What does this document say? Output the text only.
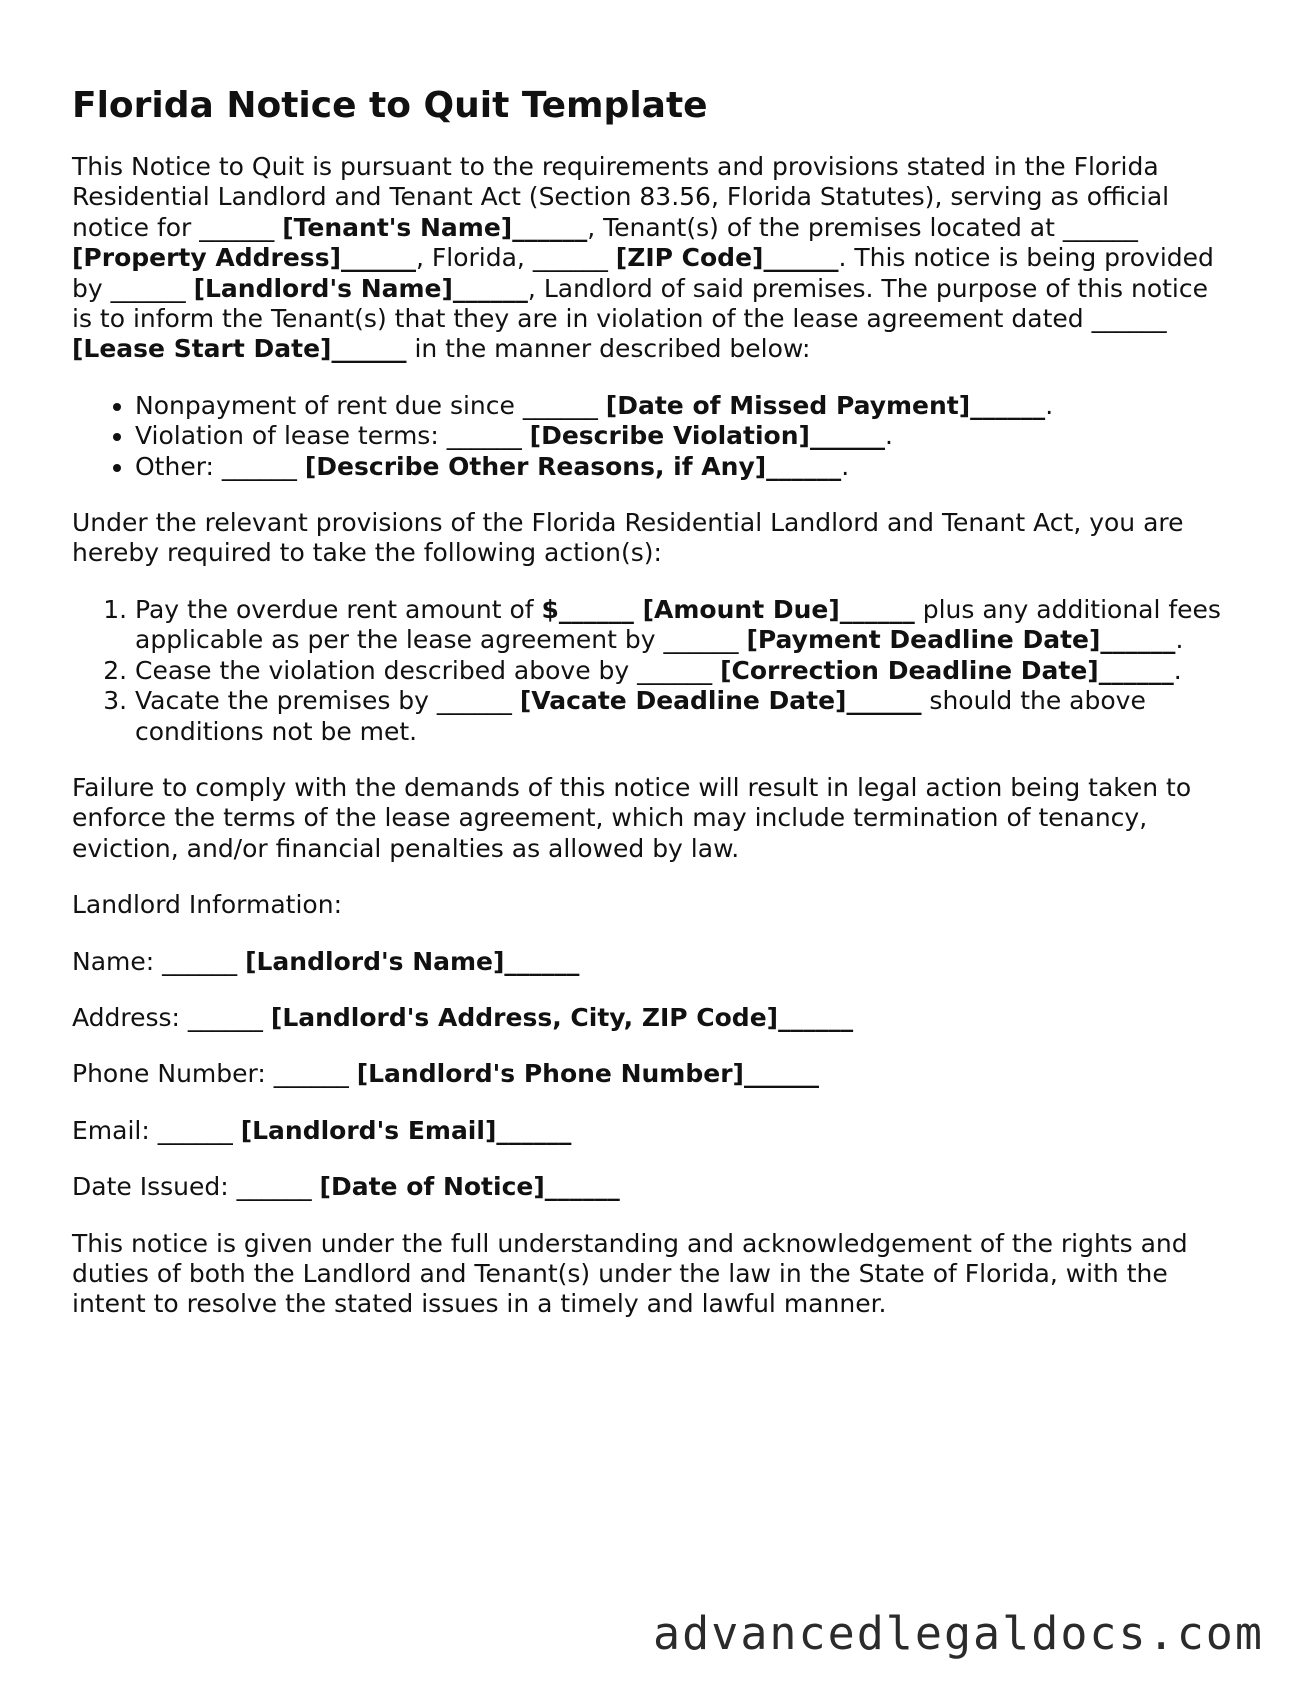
Florida Notice to Quit Template

This Notice to Quit is pursuant to the requirements and provisions stated in the Florida Residential Landlord and Tenant Act (Section 83.56, Florida Statutes), serving as official notice for ______ [Tenant's Name]______, Tenant(s) of the premises located at ______ [Property Address]______, Florida, ______ [ZIP Code]______. This notice is being provided by ______ [Landlord's Name]______, Landlord of said premises. The purpose of this notice is to inform the Tenant(s) that they are in violation of the lease agreement dated ______ [Lease Start Date]______ in the manner described below:

• Nonpayment of rent due since ______ [Date of Missed Payment]______.
• Violation of lease terms: ______ [Describe Violation]______.
• Other: ______ [Describe Other Reasons, if Any]______.

Under the relevant provisions of the Florida Residential Landlord and Tenant Act, you are hereby required to take the following action(s):

1. Pay the overdue rent amount of $______ [Amount Due]______ plus any additional fees applicable as per the lease agreement by ______ [Payment Deadline Date]______.
2. Cease the violation described above by ______ [Correction Deadline Date]______.
3. Vacate the premises by ______ [Vacate Deadline Date]______ should the above conditions not be met.

Failure to comply with the demands of this notice will result in legal action being taken to enforce the terms of the lease agreement, which may include termination of tenancy, eviction, and/or financial penalties as allowed by law.

Landlord Information:

Name: ______ [Landlord's Name]______

Address: ______ [Landlord's Address, City, ZIP Code]______

Phone Number: ______ [Landlord's Phone Number]______

Email: ______ [Landlord's Email]______

Date Issued: ______ [Date of Notice]______

This notice is given under the full understanding and acknowledgement of the rights and duties of both the Landlord and Tenant(s) under the law in the State of Florida, with the intent to resolve the stated issues in a timely and lawful manner.

advancedlegaldocs.com
